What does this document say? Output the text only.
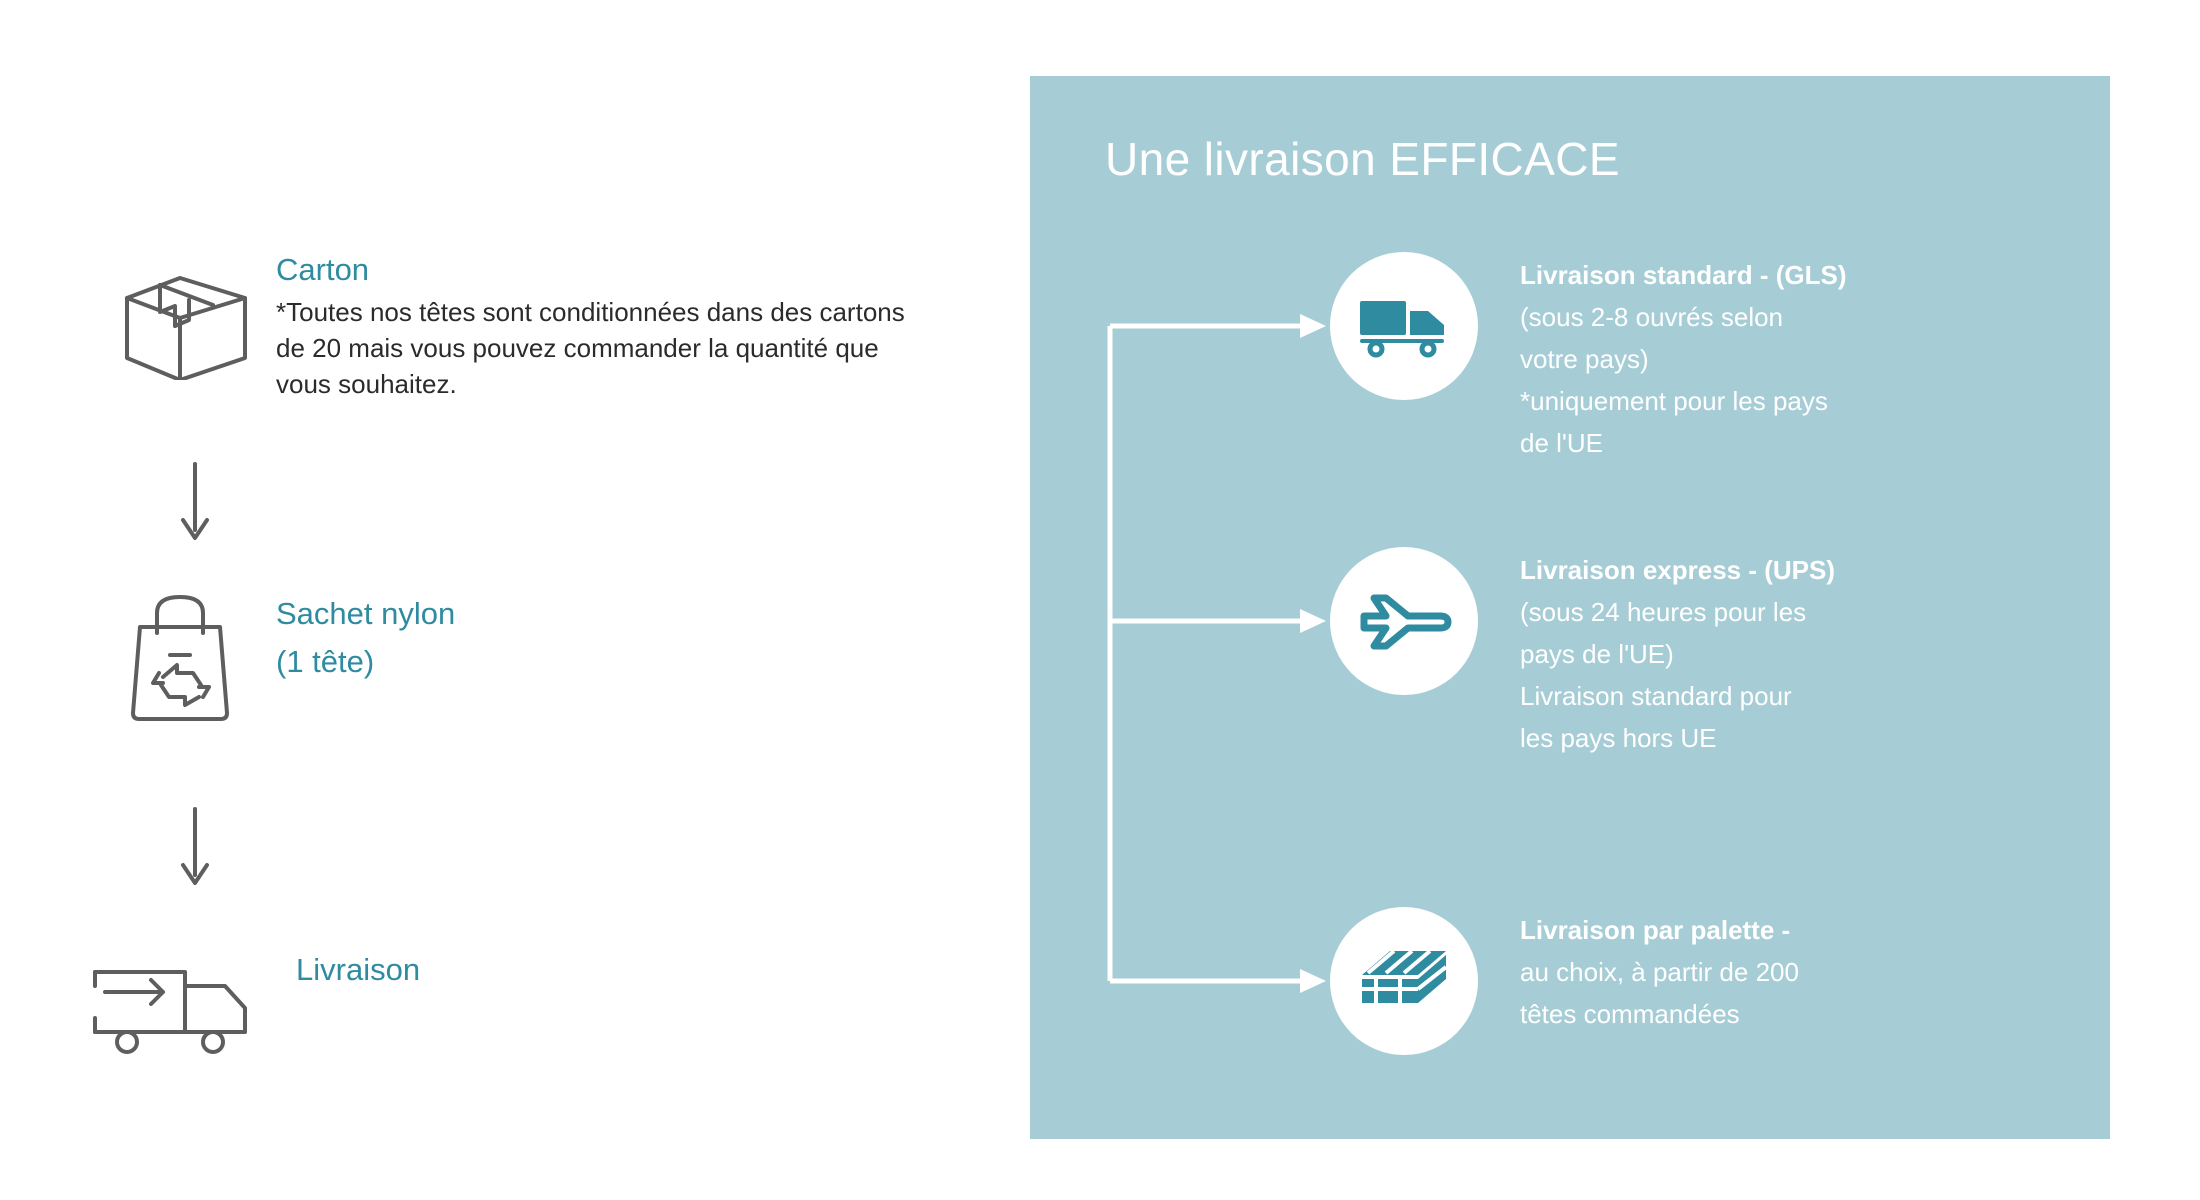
Carton
*Toutes nos têtes sont conditionnées dans des cartons de 20 mais vous pouvez commander la quantité que vous souhaitez.
Sachet nylon
(1 tête)
Livraison
Une livraison EFFICACE
Livraison standard - (GLS)
(sous 2-8 ouvrés selon
votre pays)
*uniquement pour les pays
de l'UE
Livraison express - (UPS)
(sous 24 heures pour les
pays de l'UE)
Livraison standard pour
les pays hors UE
Livraison par palette -
au choix, à partir de 200
têtes commandées
